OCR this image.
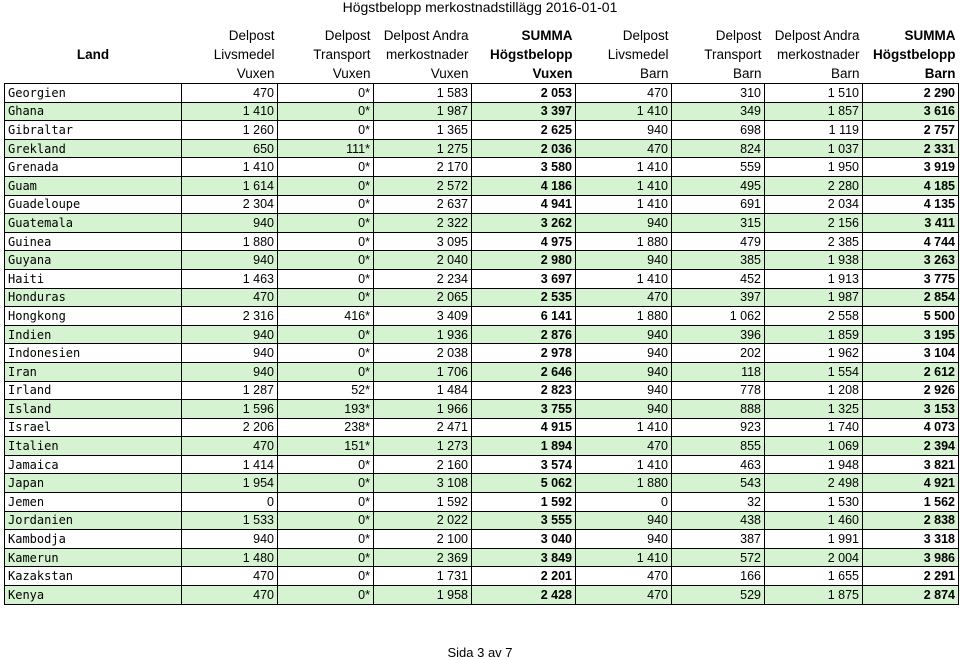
Högstbelopp merkostnadstillägg 2016-01-01
Land	Delpost
Livsmedel
Vuxen	Delpost
Transport
Vuxen	Delpost Andra
merkostnader
Vuxen	SUMMA
Högstbelopp
Vuxen	Delpost
Livsmedel
Barn	Delpost
Transport
Barn	Delpost Andra
merkostnader
Barn	SUMMA
Högstbelopp
Barn

Georgien	470	0*	1 583	2 053	470	310	1 510	2 290
Ghana	1 410	0*	1 987	3 397	1 410	349	1 857	3 616
Gibraltar	1 260	0*	1 365	2 625	940	698	1 119	2 757
Grekland	650	111*	1 275	2 036	470	824	1 037	2 331
Grenada	1 410	0*	2 170	3 580	1 410	559	1 950	3 919
Guam	1 614	0*	2 572	4 186	1 410	495	2 280	4 185
Guadeloupe	2 304	0*	2 637	4 941	1 410	691	2 034	4 135
Guatemala	940	0*	2 322	3 262	940	315	2 156	3 411
Guinea	1 880	0*	3 095	4 975	1 880	479	2 385	4 744
Guyana	940	0*	2 040	2 980	940	385	1 938	3 263
Haiti	1 463	0*	2 234	3 697	1 410	452	1 913	3 775
Honduras	470	0*	2 065	2 535	470	397	1 987	2 854
Hongkong	2 316	416*	3 409	6 141	1 880	1 062	2 558	5 500
Indien	940	0*	1 936	2 876	940	396	1 859	3 195
Indonesien	940	0*	2 038	2 978	940	202	1 962	3 104
Iran	940	0*	1 706	2 646	940	118	1 554	2 612
Irland	1 287	52*	1 484	2 823	940	778	1 208	2 926
Island	1 596	193*	1 966	3 755	940	888	1 325	3 153
Israel	2 206	238*	2 471	4 915	1 410	923	1 740	4 073
Italien	470	151*	1 273	1 894	470	855	1 069	2 394
Jamaica	1 414	0*	2 160	3 574	1 410	463	1 948	3 821
Japan	1 954	0*	3 108	5 062	1 880	543	2 498	4 921
Jemen	0	0*	1 592	1 592	0	32	1 530	1 562
Jordanien	1 533	0*	2 022	3 555	940	438	1 460	2 838
Kambodja	940	0*	2 100	3 040	940	387	1 991	3 318
Kamerun	1 480	0*	2 369	3 849	1 410	572	2 004	3 986
Kazakstan	470	0*	1 731	2 201	470	166	1 655	2 291
Kenya	470	0*	1 958	2 428	470	529	1 875	2 874
Sida 3 av 7
